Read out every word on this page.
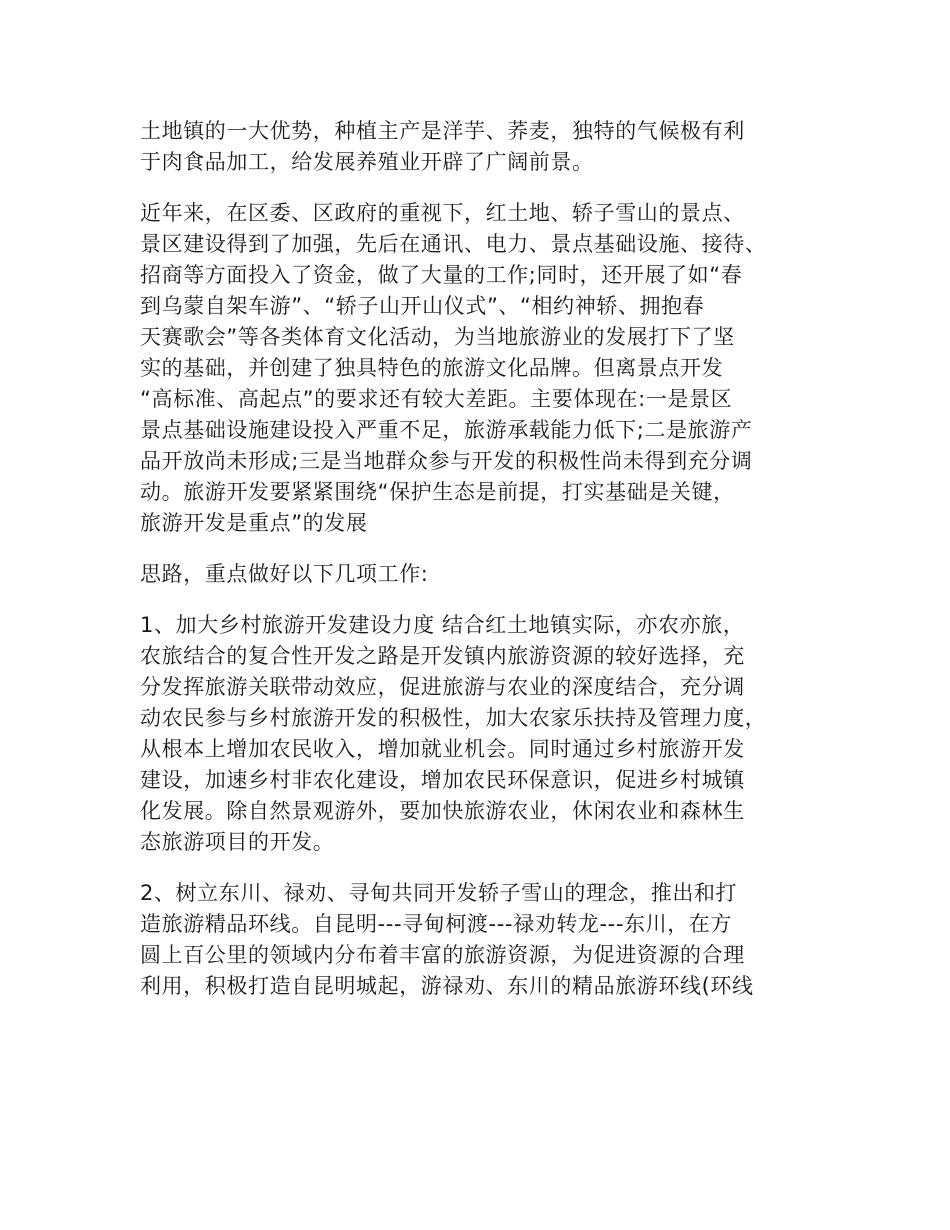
土地镇的一大优势，种植主产是洋芋、荞麦，独特的气候极有利
于肉食品加工，给发展养殖业开辟了广阔前景。
近年来，在区委、区政府的重视下，红土地、轿子雪山的景点、
景区建设得到了加强，先后在通讯、电力、景点基础设施、接待、
招商等方面投入了资金，做了大量的工作;同时，还开展了如“春
到乌蒙自架车游”、“轿子山开山仪式”、“相约神轿、拥抱春
天赛歌会”等各类体育文化活动，为当地旅游业的发展打下了坚
实的基础，并创建了独具特色的旅游文化品牌。但离景点开发
“高标准、高起点”的要求还有较大差距。主要体现在:一是景区
景点基础设施建设投入严重不足，旅游承载能力低下;二是旅游产
品开放尚未形成;三是当地群众参与开发的积极性尚未得到充分调
动。旅游开发要紧紧围绕“保护生态是前提，打实基础是关键，
旅游开发是重点”的发展
思路，重点做好以下几项工作:
1、加大乡村旅游开发建设力度 结合红土地镇实际，亦农亦旅，
农旅结合的复合性开发之路是开发镇内旅游资源的较好选择，充
分发挥旅游关联带动效应，促进旅游与农业的深度结合，充分调
动农民参与乡村旅游开发的积极性，加大农家乐扶持及管理力度，
从根本上增加农民收入，增加就业机会。同时通过乡村旅游开发
建设，加速乡村非农化建设，增加农民环保意识，促进乡村城镇
化发展。除自然景观游外，要加快旅游农业，休闲农业和森林生
态旅游项目的开发。
2、树立东川、禄劝、寻甸共同开发轿子雪山的理念，推出和打
造旅游精品环线。自昆明---寻甸柯渡---禄劝转龙---东川，在方
圆上百公里的领域内分布着丰富的旅游资源，为促进资源的合理
利用，积极打造自昆明城起，游禄劝、东川的精品旅游环线(环线
